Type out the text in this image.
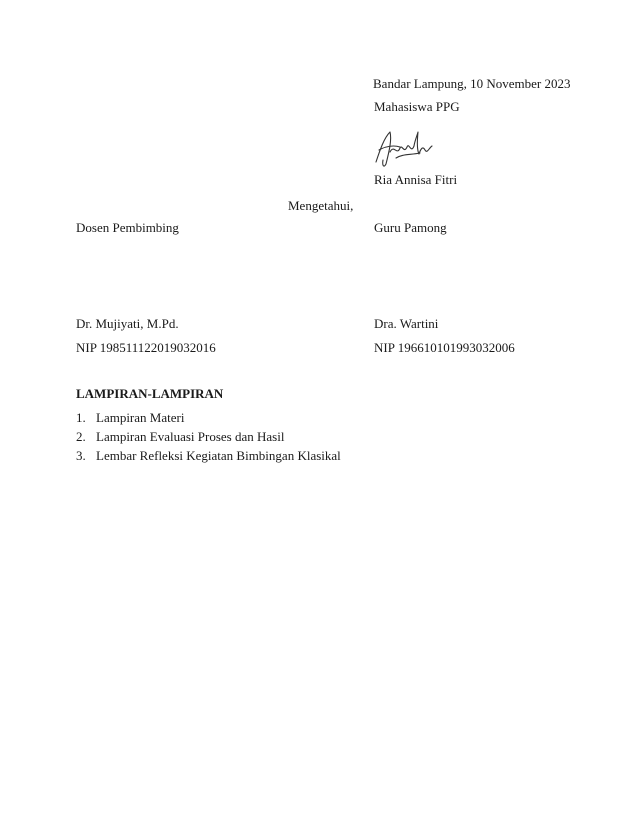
Bandar Lampung, 10 November 2023
Mahasiswa PPG
Ria Annisa Fitri
Mengetahui,
Dosen Pembimbing	Guru Pamong
Dr. Mujiyati, M.Pd.	Dra. Wartini
NIP 198511122019032016	NIP 196610101993032006
LAMPIRAN-LAMPIRAN
1. Lampiran Materi
2. Lampiran Evaluasi Proses dan Hasil
3. Lembar Refleksi Kegiatan Bimbingan Klasikal
